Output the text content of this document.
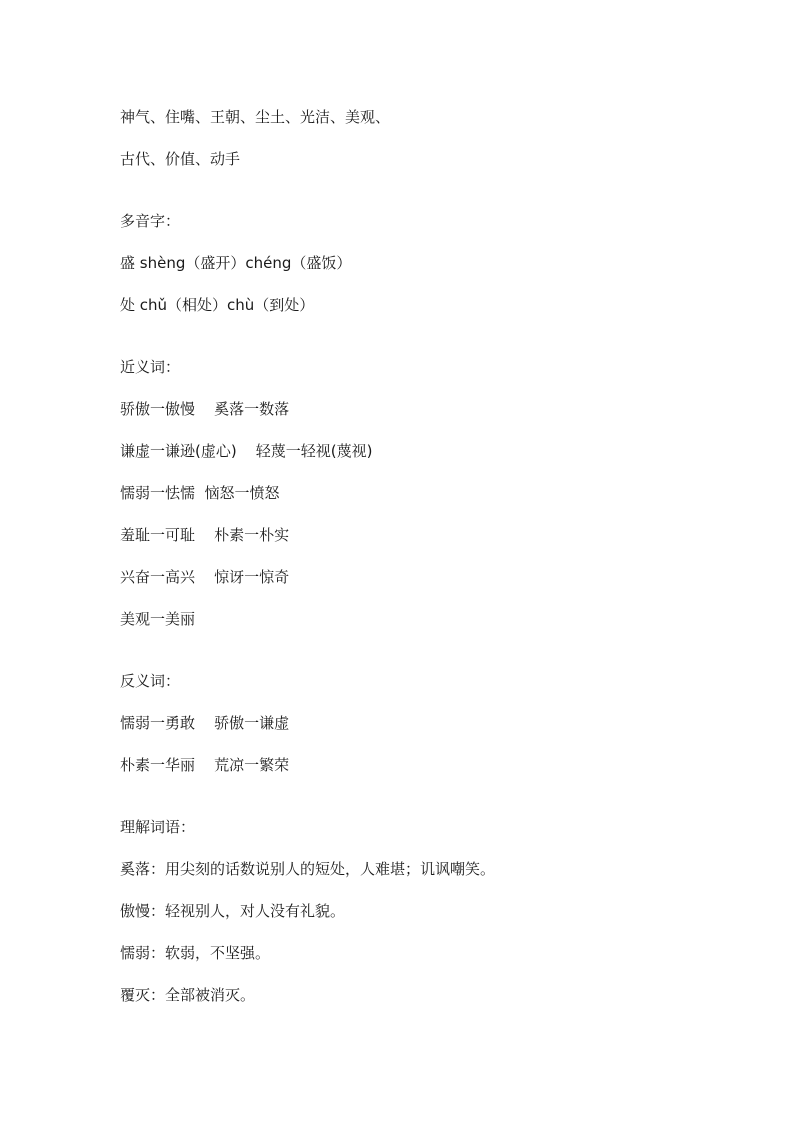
神气、住嘴、王朝、尘土、光洁、美观、

古代、价值、动手

多音字：

盛 shèng（盛开）chéng（盛饭）

处 chǔ（相处）chù（到处）

近义词：

骄傲一傲慢    奚落一数落

谦虚一谦逊(虚心)    轻蔑一轻视(蔑视)

懦弱一怯懦  恼怒一愤怒

羞耻一可耻    朴素一朴实

兴奋一高兴    惊讶一惊奇

美观一美丽

反义词：

懦弱一勇敢    骄傲一谦虚

朴素一华丽    荒凉一繁荣

理解词语：

奚落：用尖刻的话数说别人的短处，人难堪；讥讽嘲笑。

傲慢：轻视别人，对人没有礼貌。

懦弱：软弱，不坚强。

覆灭：全部被消灭。
